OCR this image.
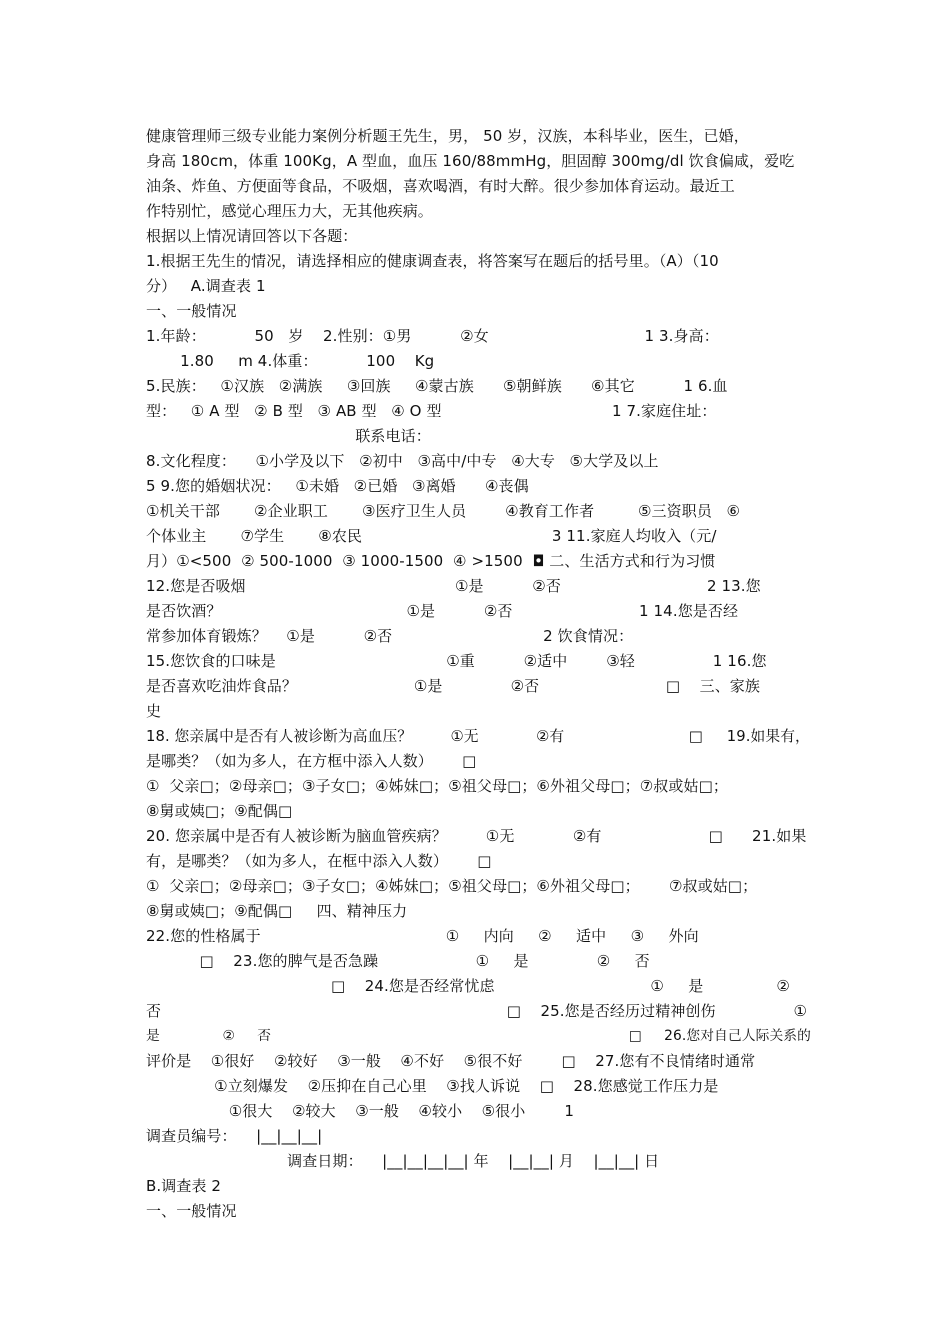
健康管理师三级专业能力案例分析题王先生，男， 50 岁，汉族，本科毕业，医生，已婚，
身高 180cm，体重 100Kg，A 型血，血压 160/88mmHg，胆固醇 300mg/dl 饮食偏咸，爱吃
油条、炸鱼、方便面等食品，不吸烟，喜欢喝酒，有时大醉。很少参加体育运动。最近工
作特别忙，感觉心理压力大，无其他疾病。
根据以上情况请回答以下各题：
1.根据王先生的情况，请选择相应的健康调查表，将答案写在题后的括号里。（A）（10
分）   A.调查表 1
一、一般情况
1.年龄：          50   岁    2.性别：①男          ②女                                1 3.身高：
1.80     m 4.体重：          100    Kg
5.民族：   ①汉族   ②满族     ③回族     ④蒙古族      ⑤朝鲜族      ⑥其它          1 6.血
型：   ① A 型   ② B 型   ③ AB 型   ④ O 型                                   1 7.家庭住址：
联系电话：
8.文化程度：    ①小学及以下   ②初中   ③高中/中专   ④大专   ⑤大学及以上
5 9.您的婚姻状况：   ①未婚   ②已婚   ③离婚      ④丧偶
①机关干部       ②企业职工       ③医疗卫生人员        ④教育工作者         ⑤三资职员   ⑥
个体业主       ⑦学生       ⑧农民                                       3 11.家庭人均收入（元/
月）①<500  ② 500-1000  ③ 1000-1500  ④ >1500  ◘ 二、生活方式和行为习惯
12.您是否吸烟                                           ①是          ②否                              2 13.您
是否饮酒？                                      ①是          ②否                          1 14.您是否经
常参加体育锻炼？    ①是          ②否                               2 饮食情况：
15.您饮食的口味是                                   ①重          ②适中        ③轻                1 16.您
是否喜欢吃油炸食品？                        ①是              ②否                          □    三、家族
史
18. 您亲属中是否有人被诊断为高血压？        ①无            ②有                          □     19.如果有，
是哪类？（如为多人，在方框中添入人数）      □
①  父亲□；②母亲□；③子女□；④姊妹□；⑤祖父母□；⑥外祖父母□；⑦叔或姑□；
⑧舅或姨□；⑨配偶□
20. 您亲属中是否有人被诊断为脑血管疾病？        ①无            ②有                      □      21.如果
有，是哪类？（如为多人，在框中添入人数）      □
①  父亲□；②母亲□；③子女□；④姊妹□；⑤祖父母□；⑥外祖父母□；      ⑦叔或姑□；
⑧舅或姨□；⑨配偶□     四、精神压力
22.您的性格属于                                      ①     内向     ②     适中     ③     外向
□    23.您的脾气是否急躁                    ①     是              ②     否
□    24.您是否经常忧虑                                ①     是               ②
否                                                                       □    25.您是否经历过精神创伤                ①
是              ②     否                                                                                □     26.您对自己人际关系的
评价是    ①很好    ②较好    ③一般    ④不好    ⑤很不好        □    27.您有不良情绪时通常
①立刻爆发    ②压抑在自己心里    ③找人诉说    □    28.您感觉工作压力是
①很大    ②较大    ③一般    ④较小    ⑤很小        1
调查员编号：    |__|__|__|
调查日期：    |__|__|__|__| 年    |__|__| 月    |__|__| 日
B.调查表 2
一、一般情况
